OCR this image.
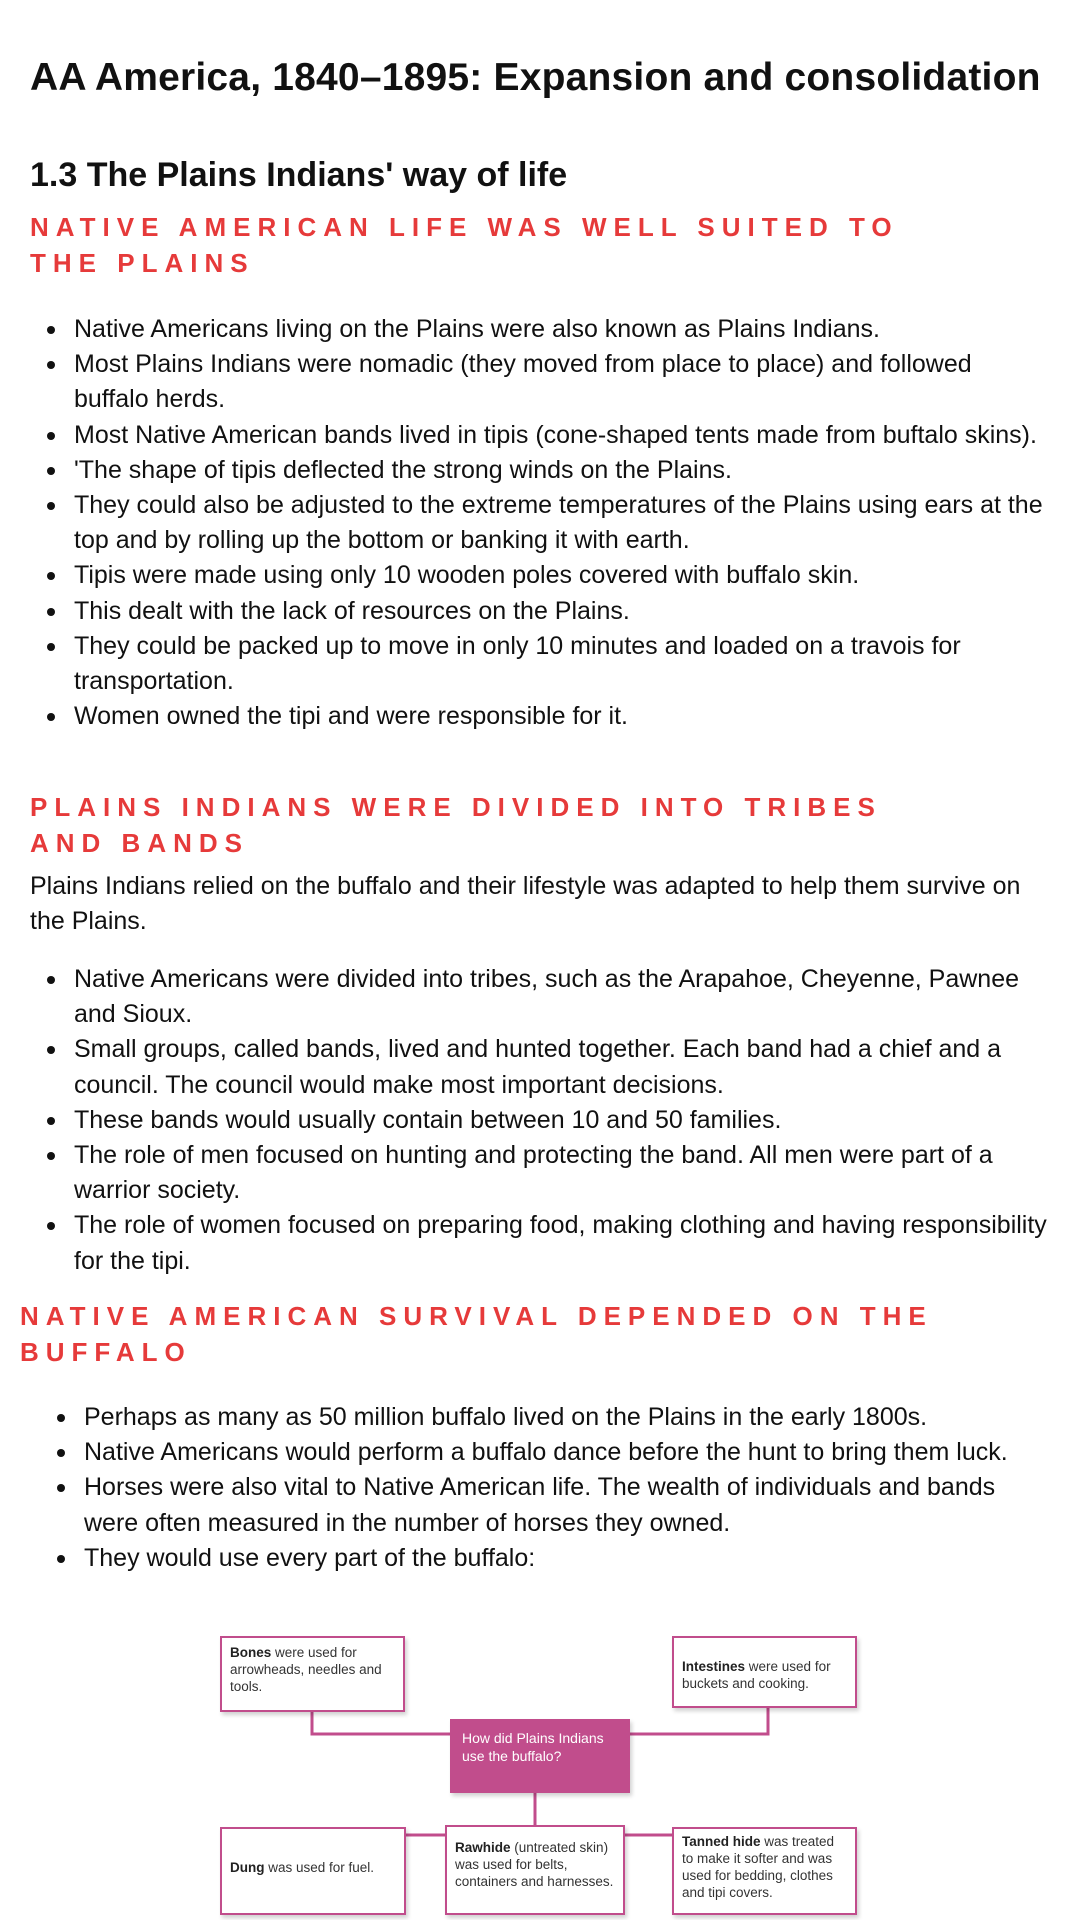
AA America, 1840–1895: Expansion and consolidation
1.3 The Plains Indians' way of life
NATIVE AMERICAN LIFE WAS WELL SUITED TO
THE PLAINS
Native Americans living on the Plains were also known as Plains Indians.
Most Plains Indians were nomadic (they moved from place to place) and followed buffalo herds.
Most Native American bands lived in tipis (cone-shaped tents made from buftalo skins).
'The shape of tipis deflected the strong winds on the Plains.
They could also be adjusted to the extreme temperatures of the Plains using ears at the top and by rolling up the bottom or banking it with earth.
Tipis were made using only 10 wooden poles covered with buffalo skin.
This dealt with the lack of resources on the Plains.
They could be packed up to move in only 10 minutes and loaded on a travois for transportation.
Women owned the tipi and were responsible for it.
PLAINS INDIANS WERE DIVIDED INTO TRIBES
AND BANDS

Plains Indians relied on the buffalo and their lifestyle was adapted to help them survive on the Plains.

Native Americans were divided into tribes, such as the Arapahoe, Cheyenne, Pawnee and Sioux.
Small groups, called bands, lived and hunted together. Each band had a chief and a council. The council would make most important decisions.
These bands would usually contain between 10 and 50 families.
The role of men focused on hunting and protecting the band. All men were part of a warrior society.
The role of women focused on preparing food, making clothing and having responsibility for the tipi.
NATIVE AMERICAN SURVIVAL DEPENDED ON THE
BUFFALO
Perhaps as many as 50 million buffalo lived on the Plains in the early 1800s.
Native Americans would perform a buffalo dance before the hunt to bring them luck.
Horses were also vital to Native American life. The wealth of individuals and bands were often measured in the number of horses they owned.
They would use every part of the buffalo:
Bones were used for arrowheads, needles and tools.
Intestines were used for buckets and cooking.
How did Plains Indians use the buffalo?
Dung was used for fuel.
Rawhide (untreated skin) was used for belts, containers and harnesses.
Tanned hide was treated to make it softer and was used for bedding, clothes and tipi covers.
